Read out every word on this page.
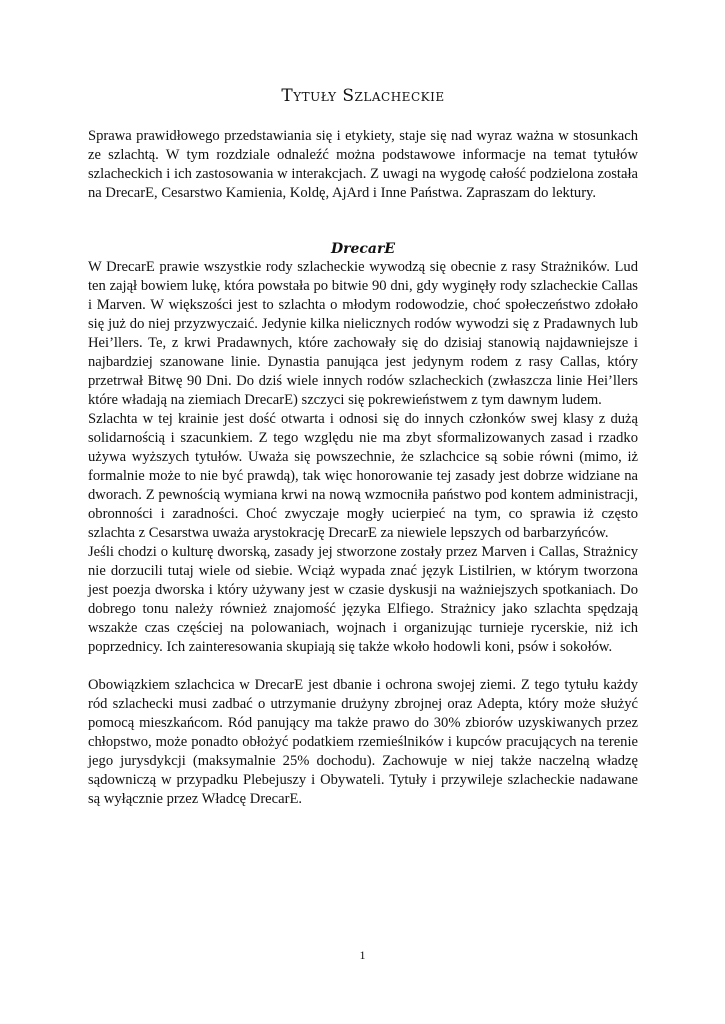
Tytuły Szlacheckie

Sprawa prawidłowego przedstawiania się i etykiety, staje się nad wyraz ważna w stosunkach ze szlachtą. W tym rozdziale odnaleźć można podstawowe informacje na temat tytułów szlacheckich i ich zastosowania w interakcjach. Z uwagi na wygodę całość podzielona została na DrecarE, Cesarstwo Kamienia, Koldę, AjArd i Inne Państwa. Zapraszam do lektury.

DrecarE

W DrecarE prawie wszystkie rody szlacheckie wywodzą się obecnie z rasy Strażników. Lud ten zajął bowiem lukę, która powstała po bitwie 90 dni, gdy wyginęły rody szlacheckie Callas i Marven. W większości jest to szlachta o młodym rodowodzie, choć społeczeństwo zdołało się już do niej przyzwyczaić. Jedynie kilka nielicznych rodów wywodzi się z Pradawnych lub Hei’llers. Te, z krwi Pradawnych, które zachowały się do dzisiaj stanowią najdawniejsze i najbardziej szanowane linie. Dynastia panująca jest jedynym rodem z rasy Callas, który przetrwał Bitwę 90 Dni. Do dziś wiele innych rodów szlacheckich (zwłaszcza linie Hei’llers które władają na ziemiach DrecarE) szczyci się pokrewieństwem z tym dawnym ludem.

Szlachta w tej krainie jest dość otwarta i odnosi się do innych członków swej klasy z dużą solidarnością i szacunkiem. Z tego względu nie ma zbyt sformalizowanych zasad i rzadko używa wyższych tytułów. Uważa się powszechnie, że szlachcice są sobie równi (mimo, iż formalnie może to nie być prawdą), tak więc honorowanie tej zasady jest dobrze widziane na dworach. Z pewnością wymiana krwi na nową wzmocniła państwo pod kontem administracji, obronności i zaradności. Choć zwyczaje mogły ucierpieć na tym, co sprawia iż często szlachta z Cesarstwa uważa arystokrację DrecarE za niewiele lepszych od barbarzyńców.

Jeśli chodzi o kulturę dworską, zasady jej stworzone zostały przez Marven i Callas, Strażnicy nie dorzucili tutaj wiele od siebie. Wciąż wypada znać język Listilrien, w którym tworzona jest poezja dworska i który używany jest w czasie dyskusji na ważniejszych spotkaniach. Do dobrego tonu należy również znajomość języka Elfiego. Strażnicy jako szlachta spędzają wszakże czas częściej na polowaniach, wojnach i organizując turnieje rycerskie, niż ich poprzednicy. Ich zainteresowania skupiają się także wkoło hodowli koni, psów i sokołów.

Obowiązkiem szlachcica w DrecarE jest dbanie i ochrona swojej ziemi. Z tego tytułu każdy ród szlachecki musi zadbać o utrzymanie drużyny zbrojnej oraz Adepta, który może służyć pomocą mieszkańcom. Ród panujący ma także prawo do 30% zbiorów uzyskiwanych przez chłopstwo, może ponadto obłożyć podatkiem rzemieślników i kupców pracujących na terenie jego jurysdykcji (maksymalnie 25% dochodu). Zachowuje w niej także naczelną władzę sądowniczą w przypadku Plebejuszy i Obywateli. Tytuły i przywileje szlacheckie nadawane są wyłącznie przez Władcę DrecarE.

1
